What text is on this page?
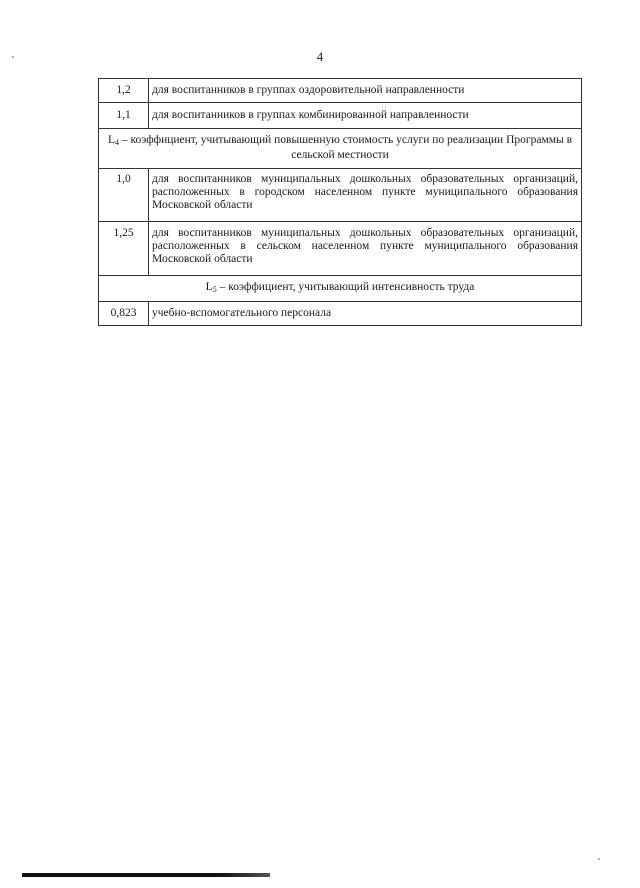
4
1,2	для воспитанников в группах оздоровительной направленности
1,1	для воспитанников в группах комбинированной направленности
$L_4$ – коэффициент, учитывающий повышенную стоимость услуги по реализации Программы в сельской местности	
1,0	для воспитанников муниципальных дошкольных образовательных организаций, расположенных в городском населенном пункте муниципального образования Московской области
1,25	для воспитанников муниципальных дошкольных образовательных организаций, расположенных в сельском населенном пункте муниципального образования Московской области
$L_5$ – коэффициент, учитывающий интенсивность труда	
0,823	учебно-вспомогательного персонала
